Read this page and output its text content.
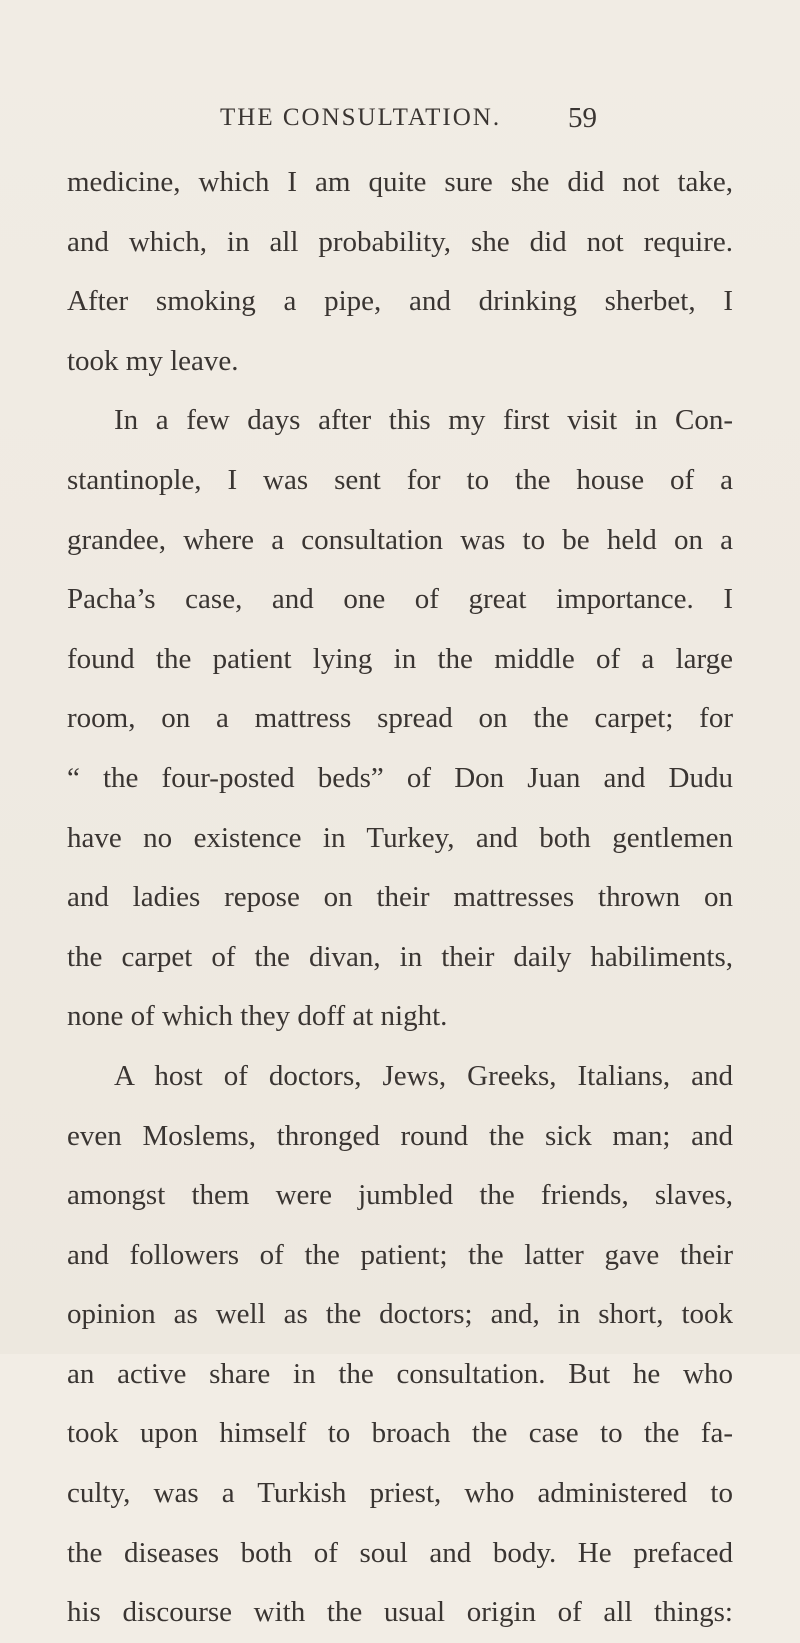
THE CONSULTATION. 59
medicine, which I am quite sure she did not take,
and which, in all probability, she did not require.
After smoking a pipe, and drinking sherbet, I
took my leave.
In a few days after this my first visit in Con-
stantinople, I was sent for to the house of a
grandee, where a consultation was to be held on a
Pacha’s case, and one of great importance. I
found the patient lying in the middle of a large
room, on a mattress spread on the carpet; for
“ the four-posted beds” of Don Juan and Dudu
have no existence in Turkey, and both gentlemen
and ladies repose on their mattresses thrown on
the carpet of the divan, in their daily habiliments,
none of which they doff at night.
A host of doctors, Jews, Greeks, Italians, and
even Moslems, thronged round the sick man; and
amongst them were jumbled the friends, slaves,
and followers of the patient; the latter gave their
opinion as well as the doctors; and, in short, took
an active share in the consultation. But he who
took upon himself to broach the case to the fa-
culty, was a Turkish priest, who administered to
the diseases both of soul and body. He prefaced
his discourse with the usual origin of all things:
